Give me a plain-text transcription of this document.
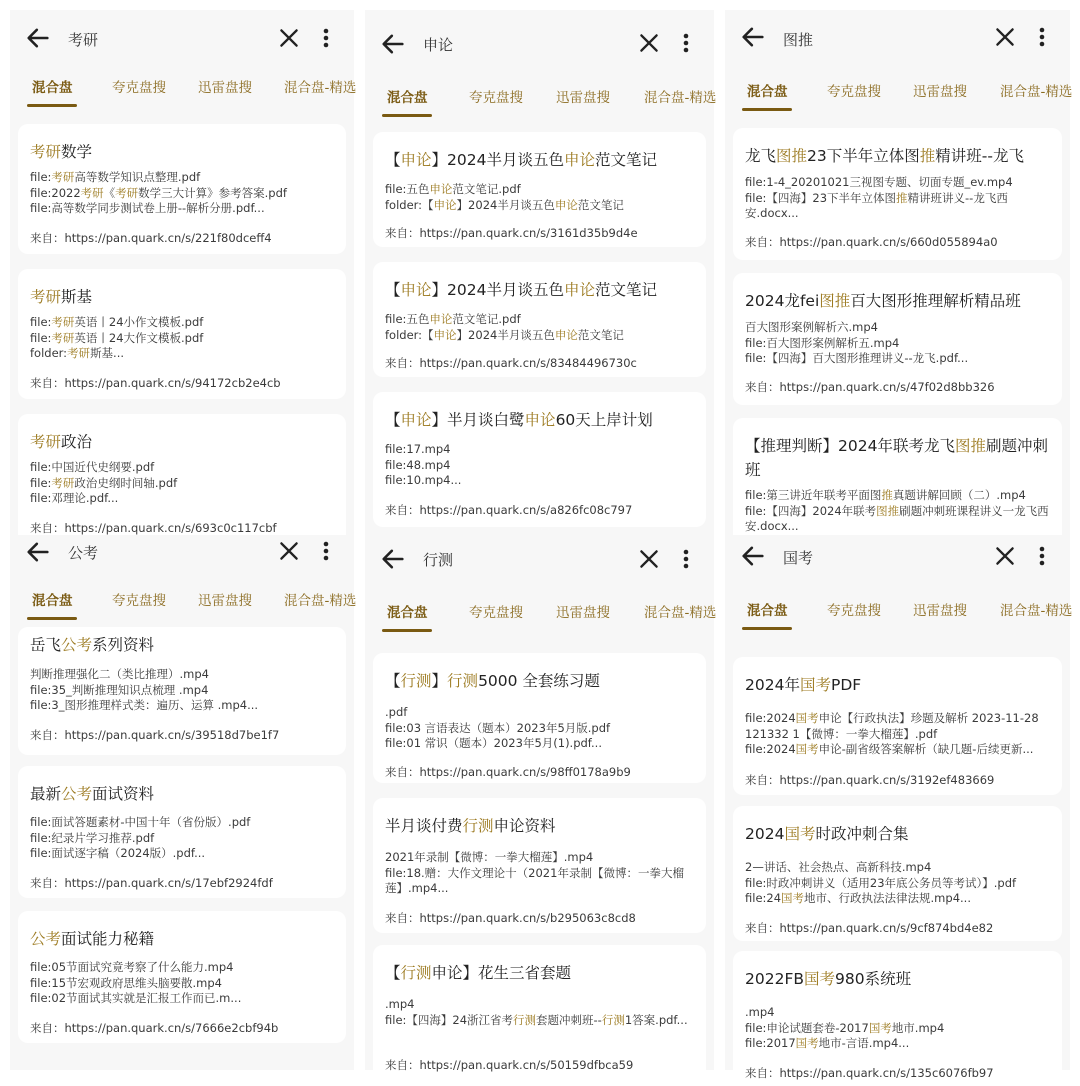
考研数学
file:考研高等数学知识点整理.pdf
file:2022考研《考研数学三大计算》参考答案.pdf
file:高等数学同步测试卷上册--解析分册.pdf...
来自：https://pan.quark.cn/s/221f80dceff4
考研斯基
file:考研英语丨24小作文模板.pdf
file:考研英语丨24大作文模板.pdf
folder:考研斯基...
来自：https://pan.quark.cn/s/94172cb2e4cb
考研政治
file:中国近代史纲要.pdf
file:考研政治史纲时间轴.pdf
file:邓理论.pdf...
来自：https://pan.quark.cn/s/693c0c117cbf
考研
混合盘	夸克盘搜 迅雷盘搜 混合盘-精选
【申论】2024半月谈五色申论范文笔记
file:五色申论范文笔记.pdf
folder:【申论】2024半月谈五色申论范文笔记
来自：https://pan.quark.cn/s/3161d35b9d4e
【申论】2024半月谈五色申论范文笔记
file:五色申论范文笔记.pdf
folder:【申论】2024半月谈五色申论范文笔记
来自：https://pan.quark.cn/s/83484496730c
【申论】半月谈白鹭申论60天上岸计划
file:17.mp4
file:48.mp4
file:10.mp4...
来自：https://pan.quark.cn/s/a826fc08c797
申论
混合盘	夸克盘搜 迅雷盘搜	混合盘-精选
龙飞图推23下半年立体图推精讲班--龙飞
file:1-4_20201021三视图专题、切面专题_ev.mp4
file:【四海】23下半年立体图推精讲班讲义--龙飞西安.docx...
来自：https://pan.quark.cn/s/660d055894a0
2024龙fei图推百大图形推理解析精品班
百大图形案例解析六.mp4
file:百大图形案例解析五.mp4
file:【四海】百大图形推理讲义--龙飞.pdf...
来自：https://pan.quark.cn/s/47f02d8bb326
【推理判断】2024年联考龙飞图推刷题冲刺班
file:第三讲近年联考平面图推真题讲解回顾（二）.mp4
file:【四海】2024年联考图推刷题冲刺班课程讲义一龙飞西安.docx...
图推
混合盘	夸克盘搜 迅雷盘搜 混合盘-精选
岳飞公考系列资料
判断推理强化二（类比推理）.mp4
file:35_判断推理知识点梳理 .mp4
file:3_图形推理样式类：遍历、运算 .mp4...
来自：https://pan.quark.cn/s/39518d7be1f7
最新公考面试资料
file:面试答题素材-中国十年（省份版）.pdf
file:纪录片学习推荐.pdf
file:面试逐字稿（2024版）.pdf...
来自：https://pan.quark.cn/s/17ebf2924fdf
公考面试能力秘籍
file:05节面试究竟考察了什么能力.mp4
file:15节宏观政府思维头脑要散.mp4
file:02节面试其实就是汇报工作而已.m...
来自：https://pan.quark.cn/s/7666e2cbf94b
公考
混合盘	夸克盘搜 迅雷盘搜 混合盘-精选
【行测】行测5000 全套练习题
.pdf
file:03 言语表达（题本）2023年5月版.pdf
file:01 常识（题本）2023年5月(1).pdf...
来自：https://pan.quark.cn/s/98ff0178a9b9
半月谈付费行测申论资料
2021年录制【微博：一拳大榴莲】.mp4
file:18.赠：大作文理论十（2021年录制【微博：一拳大榴莲】.mp4...
来自：https://pan.quark.cn/s/b295063c8cd8
【行测申论】花生三省套题
.mp4
file:【四海】24浙江省考行测套题冲刺班--行测1答案.pdf...
来自：https://pan.quark.cn/s/50159dfbca59
行测
混合盘	夸克盘搜 迅雷盘搜	混合盘-精选
2024年国考PDF
file:2024国考申论【行政执法】珍题及解析 2023-11-28 121332 1【微博：一拳大榴莲】.pdf
file:2024国考申论-副省级答案解析（缺几题-后续更新...
来自：https://pan.quark.cn/s/3192ef483669
2024国考时政冲刺合集
2—讲话、社会热点、高新科技.mp4
file:时政冲刺讲义（适用23年底公务员等考试）】.pdf
file:24国考地市、行政执法法律法规.mp4...
来自：https://pan.quark.cn/s/9cf874bd4e82
2022FB国考980系统班
.mp4
file:申论试题套卷-2017国考地市.mp4
file:2017国考地市-言语.mp4...
来自：https://pan.quark.cn/s/135c6076fb97
国考
混合盘	夸克盘搜 迅雷盘搜 混合盘-精选
